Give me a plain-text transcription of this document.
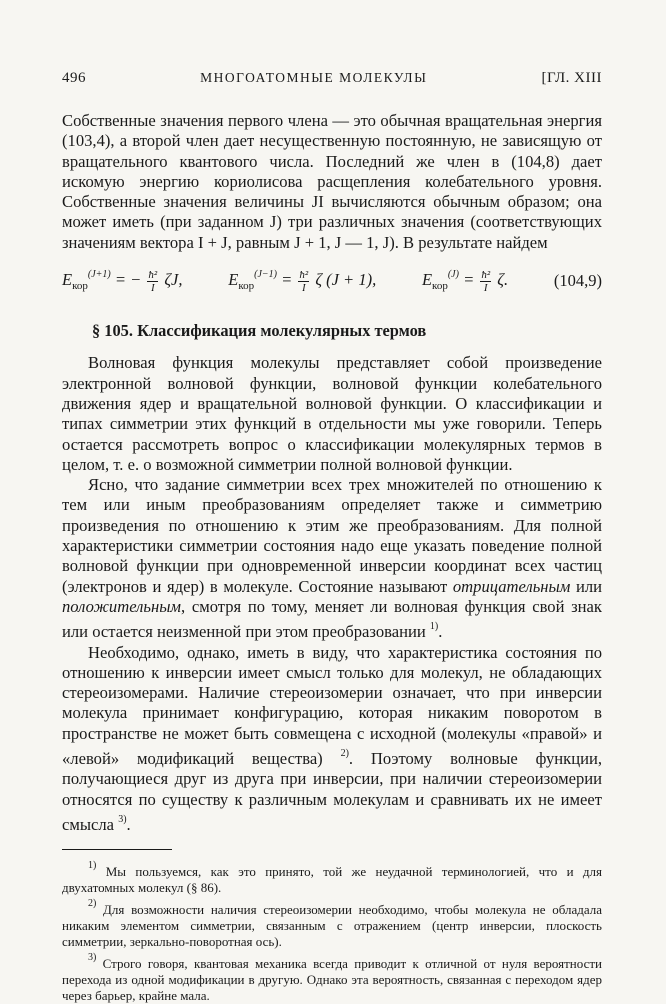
496	МНОГОАТОМНЫЕ МОЛЕКУЛЫ	[ГЛ. XIII

Собственные значения первого члена — это обычная вращательная энергия (103,4), а второй член дает несущественную постоянную, не зависящую от вращательного квантового числа. Последний же член в (104,8) дает искомую энергию кориолисова расщепления колебательного уровня. Собственные значения величины JI вычисляются обычным образом; она может иметь (при заданном J) три различных значения (соответствующих значениям вектора I + J, равным J + 1, J — 1, J). В результате найдем

$E_{кор}^{(J+1)}$ = − $\frac{\text{ħ²}}{I} \zeta J$,	$E_{кор}^{(J-1)} = \frac{\text{ħ²}}{I}$ ζ (J + 1),	$E_{кор}^{(J)} = \frac{\text{ħ²}}{I} \zeta$.	(104,9)
§ 105. Классификация молекулярных термов

Волновая функция молекулы представляет собой произведение электронной волновой функции, волновой функции колебательного движения ядер и вращательной волновой функции. О классификации и типах симметрии этих функций в отдельности мы уже говорили. Теперь остается рассмотреть вопрос о классификации молекулярных термов в целом, т. е. о возможной симметрии полной волновой функции.

Ясно, что задание симметрии всех трех множителей по отношению к тем или иным преобразованиям определяет также и симметрию произведения по отношению к этим же преобразованиям. Для полной характеристики симметрии состояния надо еще указать поведение полной волновой функции при одновременной инверсии координат всех частиц (электронов и ядер) в молекуле. Состояние называют отрицательным или положительным, смотря по тому, меняет ли волновая функция свой знак или остается неизменной при этом преобразовании $^{1)}$.

Необходимо, однако, иметь в виду, что характеристика состояния по отношению к инверсии имеет смысл только для молекул, не обладающих стереоизомерами. Наличие стереоизомерии означает, что при инверсии молекула принимает конфигурацию, которая никаким поворотом в пространстве не может быть совмещена с исходной (молекулы «правой» и «левой» модификаций вещества) $^{2)}$. Поэтому волновые функции, получающиеся друг из друга при инверсии, при наличии стереоизомерии относятся по существу к различным молекулам и сравнивать их не имеет смысла $^{3)}$.

$^{1)}$ Мы пользуемся, как это принято, той же неудачной терминологией, что и для двухатомных молекул (§ 86).

$^{2)}$ Для возможности наличия стереоизомерии необходимо, чтобы молекула не обладала никаким элементом симметрии, связанным с отражением (центр инверсии, плоскость симметрии, зеркально-поворотная ось).

$^{3)}$ Строго говоря, квантовая механика всегда приводит к отличной от нуля вероятности перехода из одной модификации в другую. Однако эта вероятность, связанная с переходом ядер через барьер, крайне мала.
